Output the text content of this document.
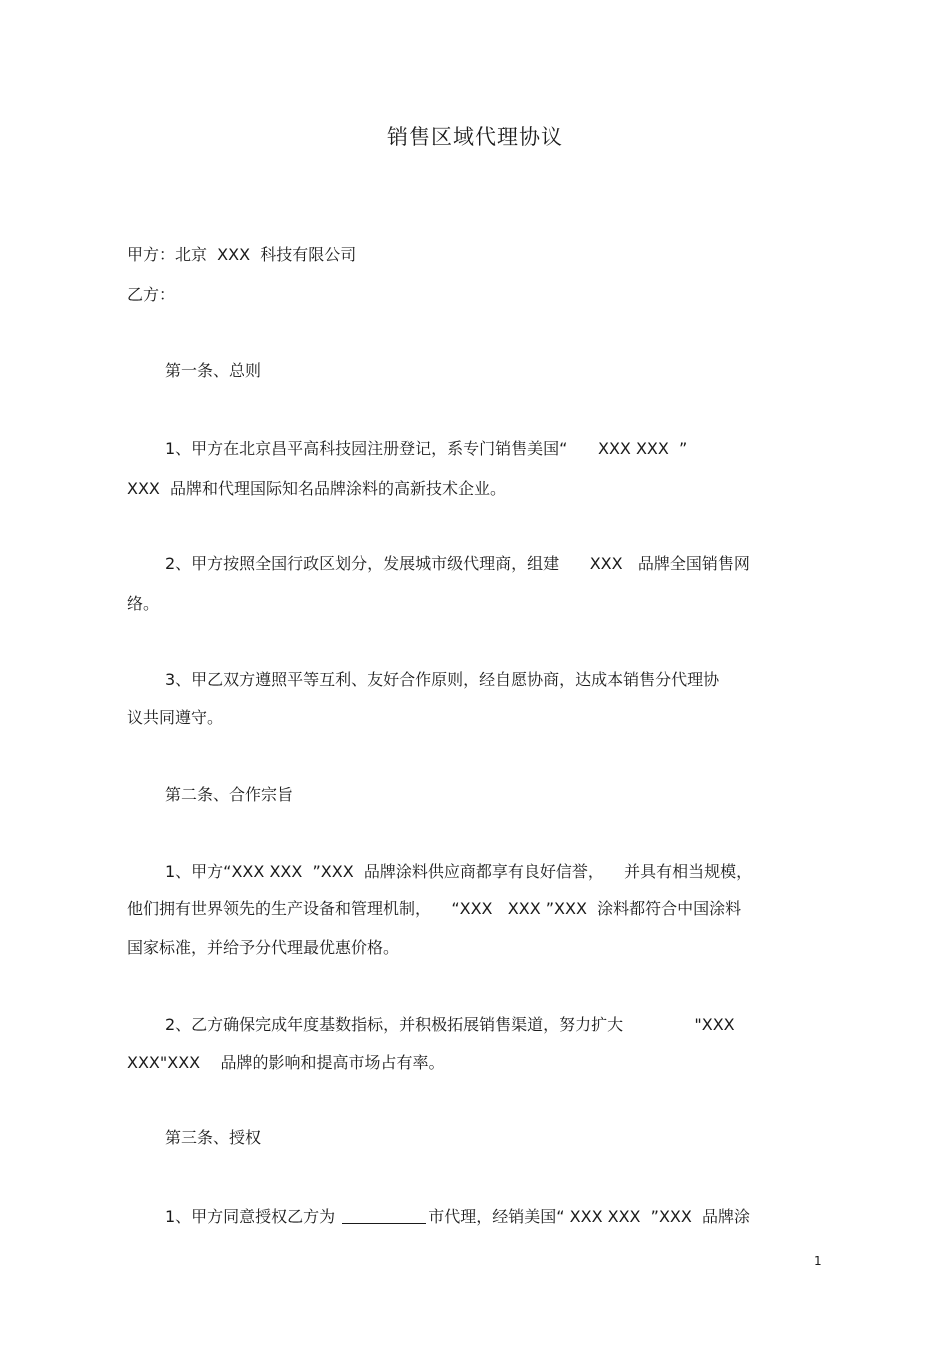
销售区域代理协议
甲方：北京  XXX  科技有限公司
乙方：
第一条、总则
1、甲方在北京昌平高科技园注册登记，系专门销售美国“      XXX XXX  ”
XXX  品牌和代理国际知名品牌涂料的高新技术企业。
2、甲方按照全国行政区划分，发展城市级代理商，组建      XXX   品牌全国销售网
络。
3、甲乙双方遵照平等互利、友好合作原则，经自愿协商，达成本销售分代理协
议共同遵守。
第二条、合作宗旨
1、甲方“XXX XXX  ”XXX  品牌涂料供应商都享有良好信誉，    并具有相当规模，
他们拥有世界领先的生产设备和管理机制，    “XXX   XXX ”XXX  涂料都符合中国涂料
国家标准，并给予分代理最优惠价格。
2、乙方确保完成年度基数指标，并积极拓展销售渠道，努力扩大              "XXX
XXX"XXX    品牌的影响和提高市场占有率。
第三条、授权
1、甲方同意授权乙方为	市代理，经销美国“ XXX XXX  ”XXX  品牌涂
1
